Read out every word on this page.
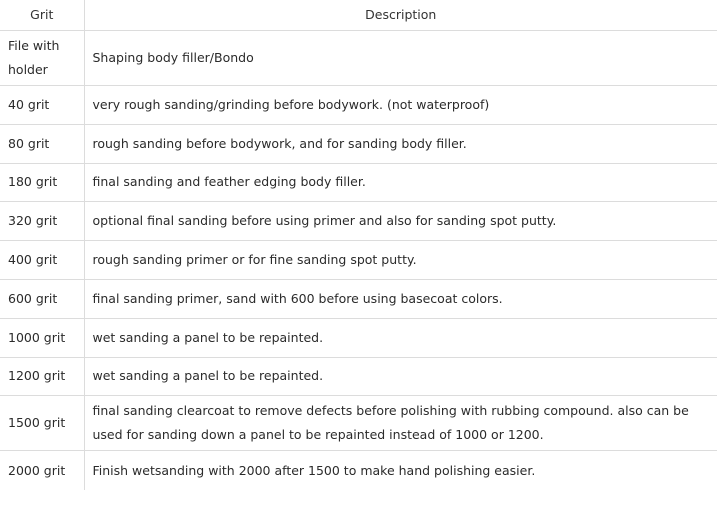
Grit	Description
File with holder	Shaping body filler/Bondo
40 grit	very rough sanding/grinding before bodywork. (not waterproof)
80 grit	rough sanding before bodywork, and for sanding body filler.
180 grit	final sanding and feather edging body filler.
320 grit	optional final sanding before using primer and also for sanding spot putty.
400 grit	rough sanding primer or for fine sanding spot putty.
600 grit	final sanding primer, sand with 600 before using basecoat colors.
1000 grit	wet sanding a panel to be repainted.
1200 grit	wet sanding a panel to be repainted.
1500 grit	final sanding clearcoat to remove defects before polishing with rubbing compound. also can be used for sanding down a panel to be repainted instead of 1000 or 1200.
2000 grit	Finish wetsanding with 2000 after 1500 to make hand polishing easier.
